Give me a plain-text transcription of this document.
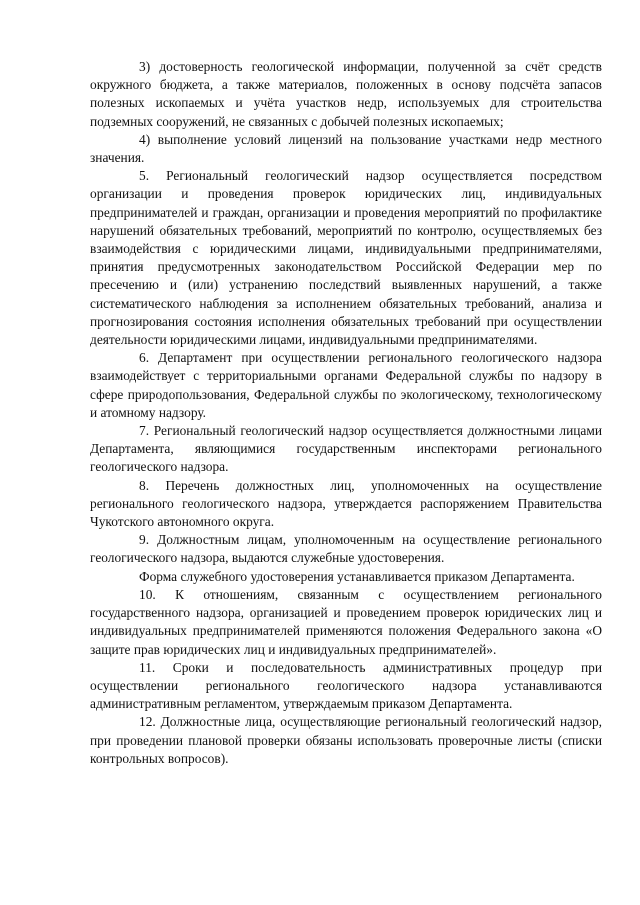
3) достоверность геологической информации, полученной за счёт средств окружного бюджета, а также материалов, положенных в основу подсчёта запасов полезных ископаемых и учёта участков недр, используемых для строительства подземных сооружений, не связанных с добычей полезных ископаемых;

4) выполнение условий лицензий на пользование участками недр местного значения.

5. Региональный геологический надзор осуществляется посредством организации и проведения проверок юридических лиц, индивидуальных предпринимателей и граждан, организации и проведения мероприятий по профилактике нарушений обязательных требований, мероприятий по контролю, осуществляемых без взаимодействия с юридическими лицами, индивидуальными предпринимателями, принятия предусмотренных законодательством Российской Федерации мер по пресечению и (или) устранению последствий выявленных нарушений, а также систематического наблюдения за исполнением обязательных требований, анализа и прогнозирования состояния исполнения обязательных требований при осуществлении деятельности юридическими лицами, индивидуальными предпринимателями.

6. Департамент при осуществлении регионального геологического надзора взаимодействует с территориальными органами Федеральной службы по надзору в сфере природопользования, Федеральной службы по экологическому, технологическому и атомному надзору.

7. Региональный геологический надзор осуществляется должностными лицами Департамента, являющимися государственным инспекторами регионального геологического надзора.

8. Перечень должностных лиц, уполномоченных на осуществление регионального геологического надзора, утверждается распоряжением Правительства Чукотского автономного округа.

9. Должностным лицам, уполномоченным на осуществление регионального геологического надзора, выдаются служебные удостоверения.

Форма служебного удостоверения устанавливается приказом Департамента.

10. К отношениям, связанным с осуществлением регионального государственного надзора, организацией и проведением проверок юридических лиц и индивидуальных предпринимателей применяются положения Федерального закона «О защите прав юридических лиц и индивидуальных предпринимателей».

11. Сроки и последовательность административных процедур при осуществлении регионального геологического надзора устанавливаются административным регламентом, утверждаемым приказом Департамента.

12. Должностные лица, осуществляющие региональный геологический надзор, при проведении плановой проверки обязаны использовать проверочные листы (списки контрольных вопросов).
